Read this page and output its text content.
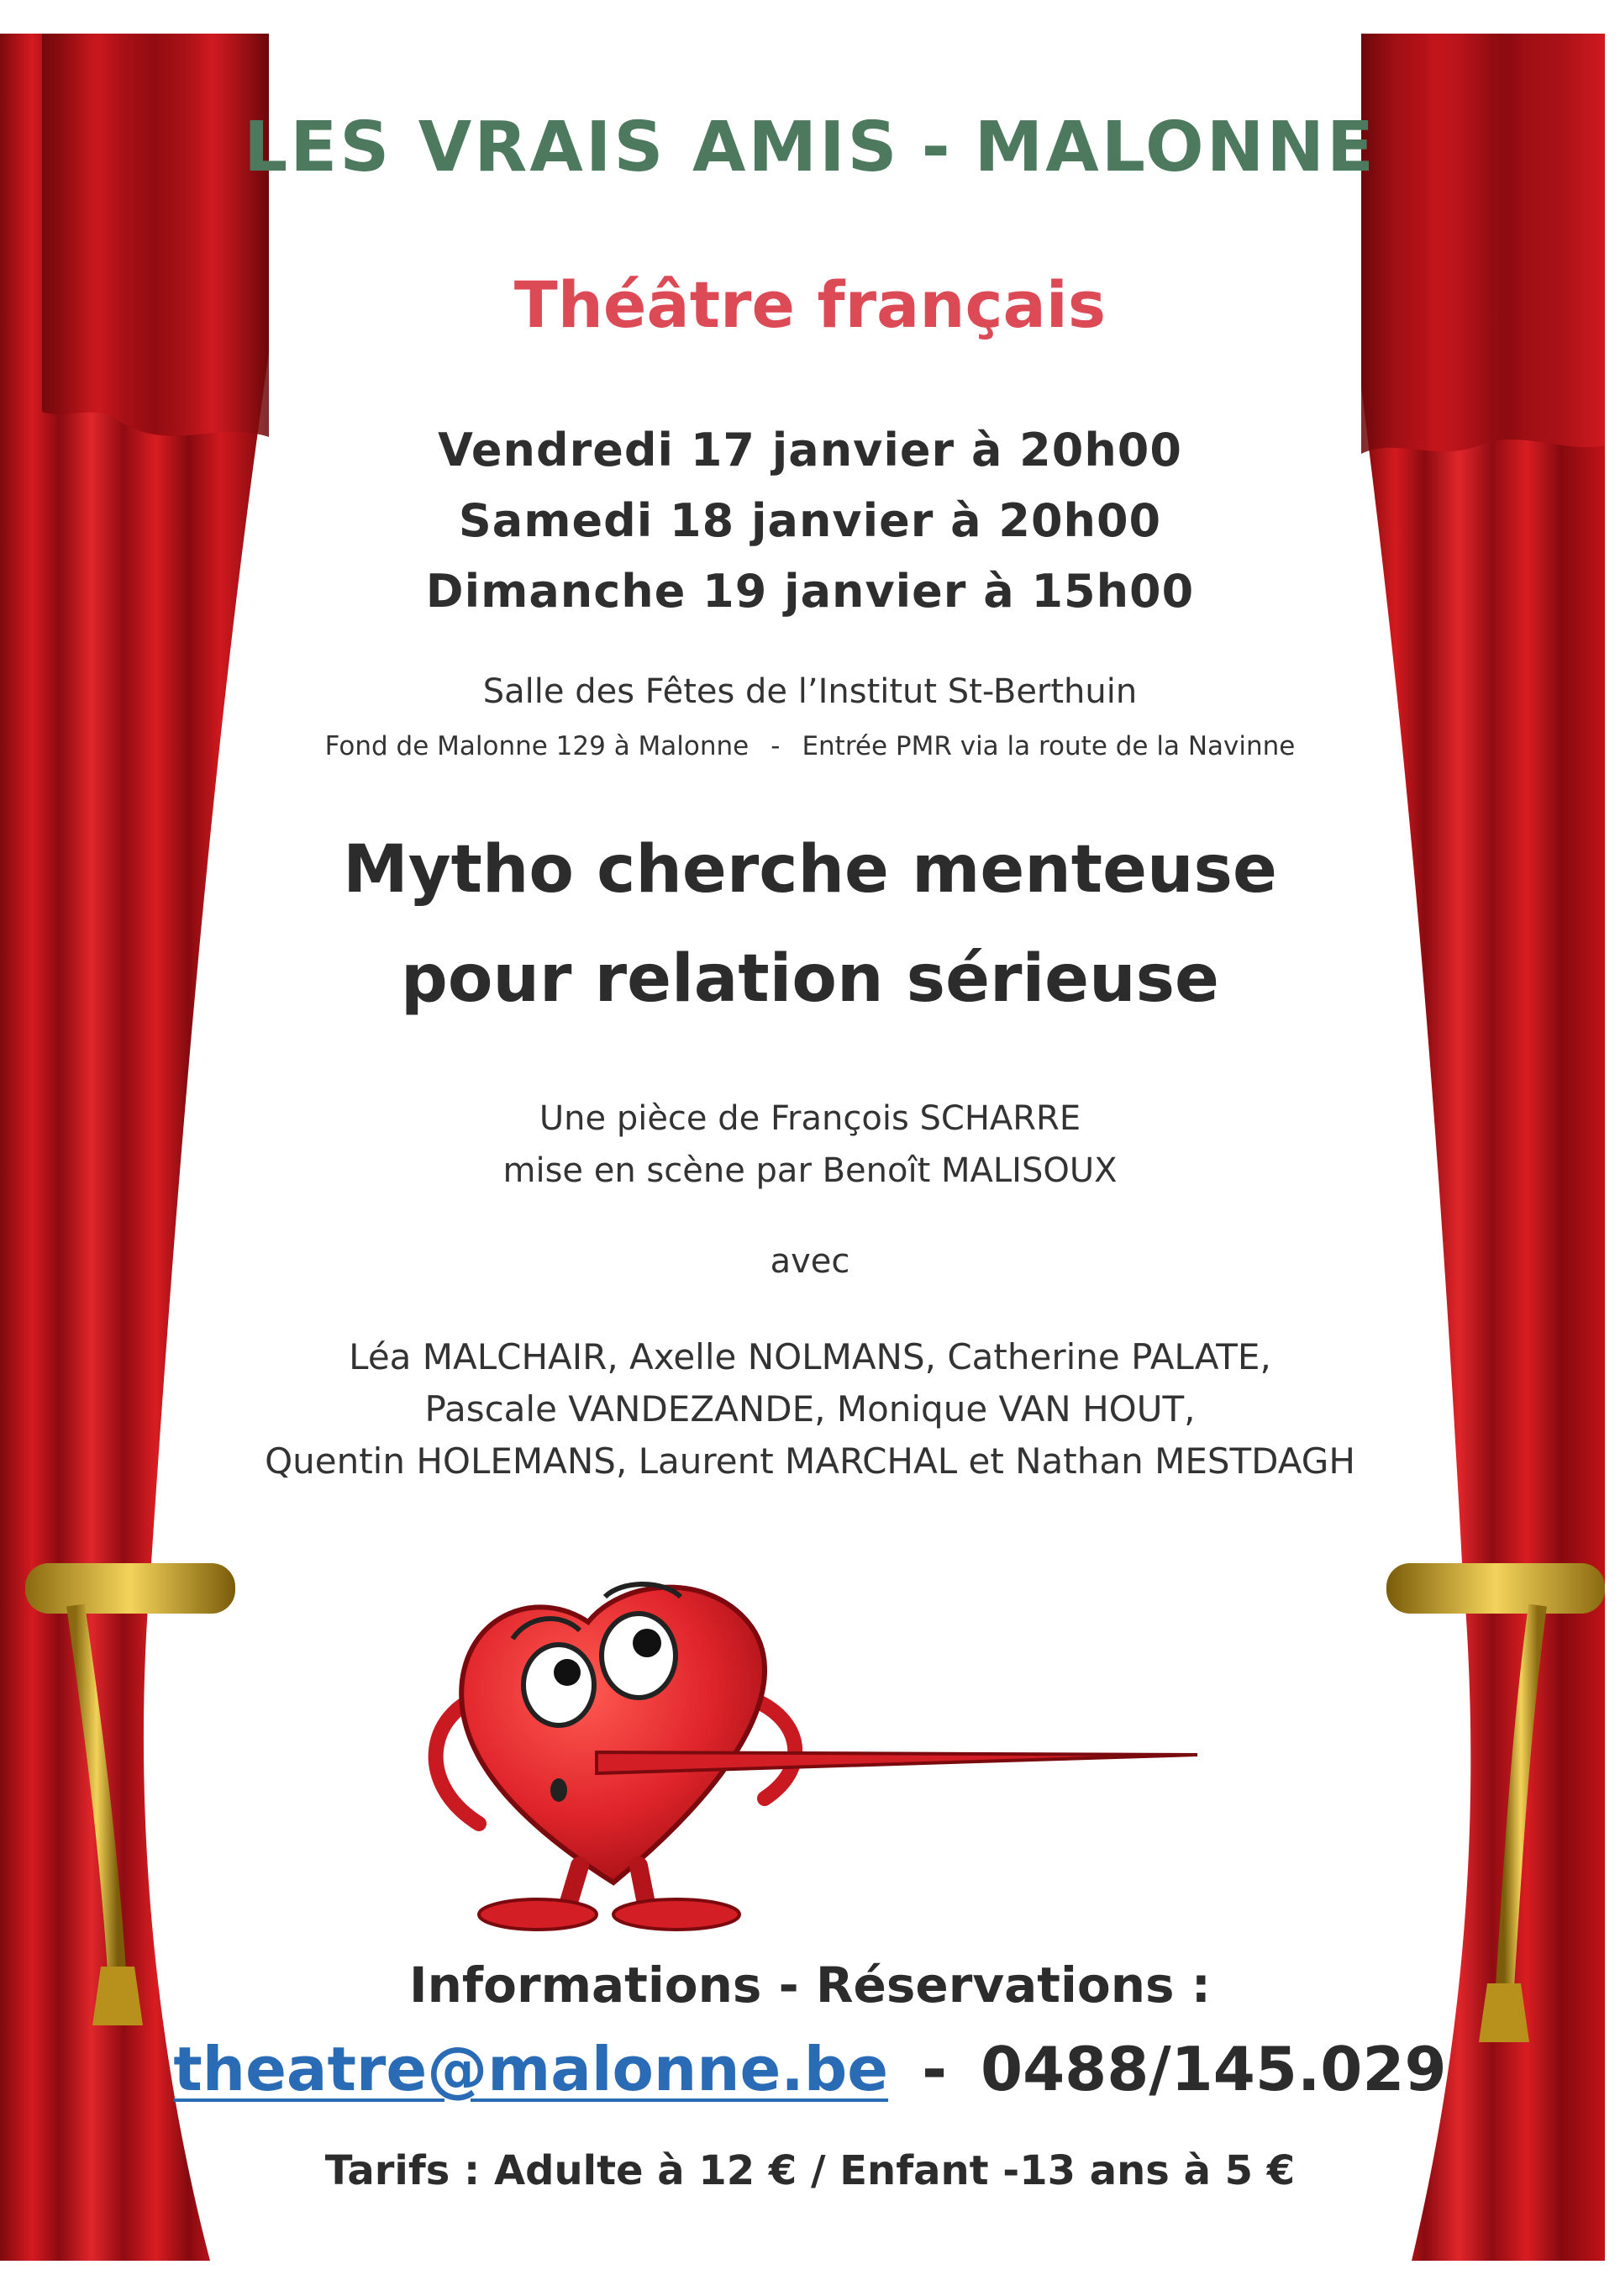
LES VRAIS AMIS - MALONNE
Théâtre français
Vendredi 17 janvier à 20h00
Samedi 18 janvier à 20h00
Dimanche 19 janvier à 15h00
Salle des Fêtes de l’Institut St-Berthuin
Fond de Malonne 129 à Malonne - Entrée PMR via la route de la Navinne
Mytho cherche menteuse
pour relation sérieuse
Une pièce de François SCHARRE
mise en scène par Benoît MALISOUX
avec
Léa MALCHAIR, Axelle NOLMANS, Catherine PALATE,
Pascale VANDEZANDE, Monique VAN HOUT,
Quentin HOLEMANS, Laurent MARCHAL et Nathan MESTDAGH
Informations - Réservations :
theatre@malonne.be - 0488/145.029
Tarifs : Adulte à 12 € / Enfant -13 ans à 5 €
